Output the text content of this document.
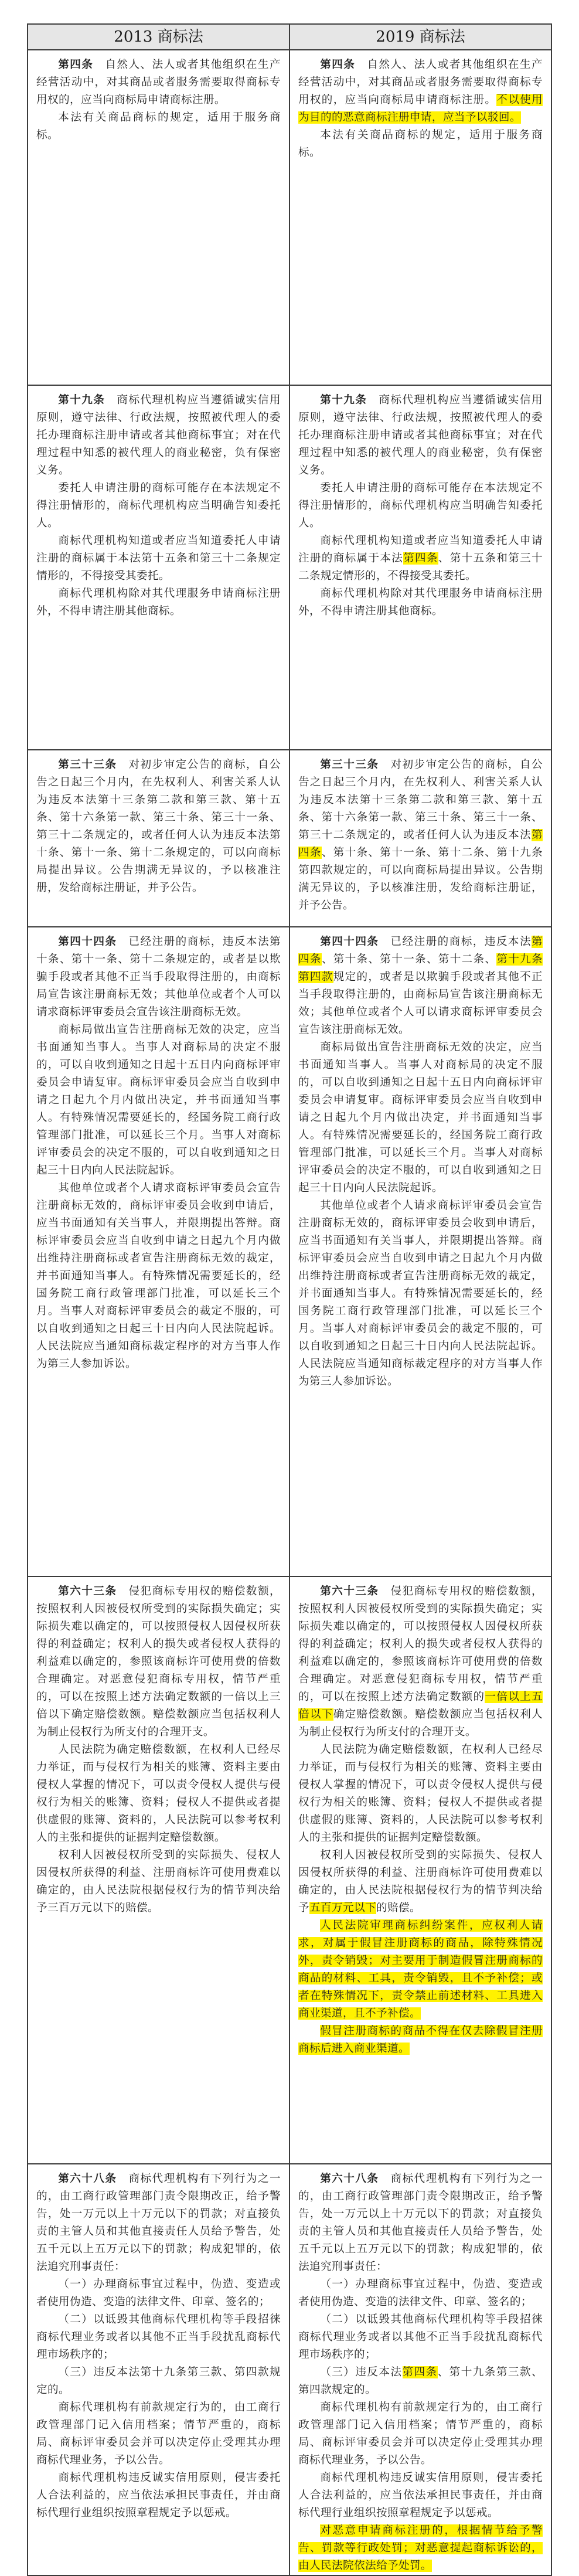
2013 商标法	2019 商标法

第四条　自然人、法人或者其他组织在生产经营活动中，对其商品或者服务需要取得商标专用权的，应当向商标局申请商标注册。

本法有关商品商标的规定，适用于服务商标。

第四条　自然人、法人或者其他组织在生产经营活动中，对其商品或者服务需要取得商标专用权的，应当向商标局申请商标注册。不以使用为目的的恶意商标注册申请，应当予以驳回。

本法有关商品商标的规定，适用于服务商标。

第十九条　商标代理机构应当遵循诚实信用原则，遵守法律、行政法规，按照被代理人的委托办理商标注册申请或者其他商标事宜；对在代理过程中知悉的被代理人的商业秘密，负有保密义务。

委托人申请注册的商标可能存在本法规定不得注册情形的，商标代理机构应当明确告知委托人。

商标代理机构知道或者应当知道委托人申请注册的商标属于本法第十五条和第三十二条规定情形的，不得接受其委托。

商标代理机构除对其代理服务申请商标注册外，不得申请注册其他商标。

第十九条　商标代理机构应当遵循诚实信用原则，遵守法律、行政法规，按照被代理人的委托办理商标注册申请或者其他商标事宜；对在代理过程中知悉的被代理人的商业秘密，负有保密义务。

委托人申请注册的商标可能存在本法规定不得注册情形的，商标代理机构应当明确告知委托人。

商标代理机构知道或者应当知道委托人申请注册的商标属于本法第四条、第十五条和第三十二条规定情形的，不得接受其委托。

商标代理机构除对其代理服务申请商标注册外，不得申请注册其他商标。

第三十三条　对初步审定公告的商标，自公告之日起三个月内，在先权利人、利害关系人认为违反本法第十三条第二款和第三款、第十五条、第十六条第一款、第三十条、第三十一条、第三十二条规定的，或者任何人认为违反本法第十条、第十一条、第十二条规定的，可以向商标局提出异议。公告期满无异议的，予以核准注册，发给商标注册证，并予公告。

第三十三条　对初步审定公告的商标，自公告之日起三个月内，在先权利人、利害关系人认为违反本法第十三条第二款和第三款、第十五条、第十六条第一款、第三十条、第三十一条、第三十二条规定的，或者任何人认为违反本法第四条、第十条、第十一条、第十二条、第十九条第四款规定的，可以向商标局提出异议。公告期满无异议的，予以核准注册，发给商标注册证，并予公告。

第四十四条　已经注册的商标，违反本法第十条、第十一条、第十二条规定的，或者是以欺骗手段或者其他不正当手段取得注册的，由商标局宣告该注册商标无效；其他单位或者个人可以请求商标评审委员会宣告该注册商标无效。

商标局做出宣告注册商标无效的决定，应当书面通知当事人。当事人对商标局的决定不服的，可以自收到通知之日起十五日内向商标评审委员会申请复审。商标评审委员会应当自收到申请之日起九个月内做出决定，并书面通知当事人。有特殊情况需要延长的，经国务院工商行政管理部门批准，可以延长三个月。当事人对商标评审委员会的决定不服的，可以自收到通知之日起三十日内向人民法院起诉。

其他单位或者个人请求商标评审委员会宣告注册商标无效的，商标评审委员会收到申请后，应当书面通知有关当事人，并限期提出答辩。商标评审委员会应当自收到申请之日起九个月内做出维持注册商标或者宣告注册商标无效的裁定，并书面通知当事人。有特殊情况需要延长的，经国务院工商行政管理部门批准，可以延长三个月。当事人对商标评审委员会的裁定不服的，可以自收到通知之日起三十日内向人民法院起诉。人民法院应当通知商标裁定程序的对方当事人作为第三人参加诉讼。

第四十四条　已经注册的商标，违反本法第四条、第十条、第十一条、第十二条、第十九条第四款规定的，或者是以欺骗手段或者其他不正当手段取得注册的，由商标局宣告该注册商标无效；其他单位或者个人可以请求商标评审委员会宣告该注册商标无效。

商标局做出宣告注册商标无效的决定，应当书面通知当事人。当事人对商标局的决定不服的，可以自收到通知之日起十五日内向商标评审委员会申请复审。商标评审委员会应当自收到申请之日起九个月内做出决定，并书面通知当事人。有特殊情况需要延长的，经国务院工商行政管理部门批准，可以延长三个月。当事人对商标评审委员会的决定不服的，可以自收到通知之日起三十日内向人民法院起诉。

其他单位或者个人请求商标评审委员会宣告注册商标无效的，商标评审委员会收到申请后，应当书面通知有关当事人，并限期提出答辩。商标评审委员会应当自收到申请之日起九个月内做出维持注册商标或者宣告注册商标无效的裁定，并书面通知当事人。有特殊情况需要延长的，经国务院工商行政管理部门批准，可以延长三个月。当事人对商标评审委员会的裁定不服的，可以自收到通知之日起三十日内向人民法院起诉。人民法院应当通知商标裁定程序的对方当事人作为第三人参加诉讼。

第六十三条　侵犯商标专用权的赔偿数额，按照权利人因被侵权所受到的实际损失确定；实际损失难以确定的，可以按照侵权人因侵权所获得的利益确定；权利人的损失或者侵权人获得的利益难以确定的，参照该商标许可使用费的倍数合理确定。对恶意侵犯商标专用权，情节严重的，可以在按照上述方法确定数额的一倍以上三倍以下确定赔偿数额。赔偿数额应当包括权利人为制止侵权行为所支付的合理开支。

人民法院为确定赔偿数额，在权利人已经尽力举证，而与侵权行为相关的账簿、资料主要由侵权人掌握的情况下，可以责令侵权人提供与侵权行为相关的账簿、资料；侵权人不提供或者提供虚假的账簿、资料的，人民法院可以参考权利人的主张和提供的证据判定赔偿数额。

权利人因被侵权所受到的实际损失、侵权人因侵权所获得的利益、注册商标许可使用费难以确定的，由人民法院根据侵权行为的情节判决给予三百万元以下的赔偿。

第六十三条　侵犯商标专用权的赔偿数额，按照权利人因被侵权所受到的实际损失确定；实际损失难以确定的，可以按照侵权人因侵权所获得的利益确定；权利人的损失或者侵权人获得的利益难以确定的，参照该商标许可使用费的倍数合理确定。对恶意侵犯商标专用权，情节严重的，可以在按照上述方法确定数额的一倍以上五倍以下确定赔偿数额。赔偿数额应当包括权利人为制止侵权行为所支付的合理开支。

人民法院为确定赔偿数额，在权利人已经尽力举证，而与侵权行为相关的账簿、资料主要由侵权人掌握的情况下，可以责令侵权人提供与侵权行为相关的账簿、资料；侵权人不提供或者提供虚假的账簿、资料的，人民法院可以参考权利人的主张和提供的证据判定赔偿数额。

权利人因被侵权所受到的实际损失、侵权人因侵权所获得的利益、注册商标许可使用费难以确定的，由人民法院根据侵权行为的情节判决给予五百万元以下的赔偿。

人民法院审理商标纠纷案件，应权利人请求，对属于假冒注册商标的商品，除特殊情况外，责令销毁；对主要用于制造假冒注册商标的商品的材料、工具，责令销毁，且不予补偿；或者在特殊情况下，责令禁止前述材料、工具进入商业渠道，且不予补偿。

假冒注册商标的商品不得在仅去除假冒注册商标后进入商业渠道。

第六十八条　商标代理机构有下列行为之一的，由工商行政管理部门责令限期改正，给予警告，处一万元以上十万元以下的罚款；对直接负责的主管人员和其他直接责任人员给予警告，处五千元以上五万元以下的罚款；构成犯罪的，依法追究刑事责任：

（一）办理商标事宜过程中，伪造、变造或者使用伪造、变造的法律文件、印章、签名的；

（二）以诋毁其他商标代理机构等手段招徕商标代理业务或者以其他不正当手段扰乱商标代理市场秩序的；

（三）违反本法第十九条第三款、第四款规定的。

商标代理机构有前款规定行为的，由工商行政管理部门记入信用档案；情节严重的，商标局、商标评审委员会并可以决定停止受理其办理商标代理业务，予以公告。

商标代理机构违反诚实信用原则，侵害委托人合法利益的，应当依法承担民事责任，并由商标代理行业组织按照章程规定予以惩戒。

第六十八条　商标代理机构有下列行为之一的，由工商行政管理部门责令限期改正，给予警告，处一万元以上十万元以下的罚款；对直接负责的主管人员和其他直接责任人员给予警告，处五千元以上五万元以下的罚款；构成犯罪的，依法追究刑事责任：

（一）办理商标事宜过程中，伪造、变造或者使用伪造、变造的法律文件、印章、签名的；

（二）以诋毁其他商标代理机构等手段招徕商标代理业务或者以其他不正当手段扰乱商标代理市场秩序的；

（三）违反本法第四条、第十九条第三款、第四款规定的。

商标代理机构有前款规定行为的，由工商行政管理部门记入信用档案；情节严重的，商标局、商标评审委员会并可以决定停止受理其办理商标代理业务，予以公告。

商标代理机构违反诚实信用原则，侵害委托人合法利益的，应当依法承担民事责任，并由商标代理行业组织按照章程规定予以惩戒。

对恶意申请商标注册的，根据情节给予警告、罚款等行政处罚；对恶意提起商标诉讼的，由人民法院依法给予处罚。
